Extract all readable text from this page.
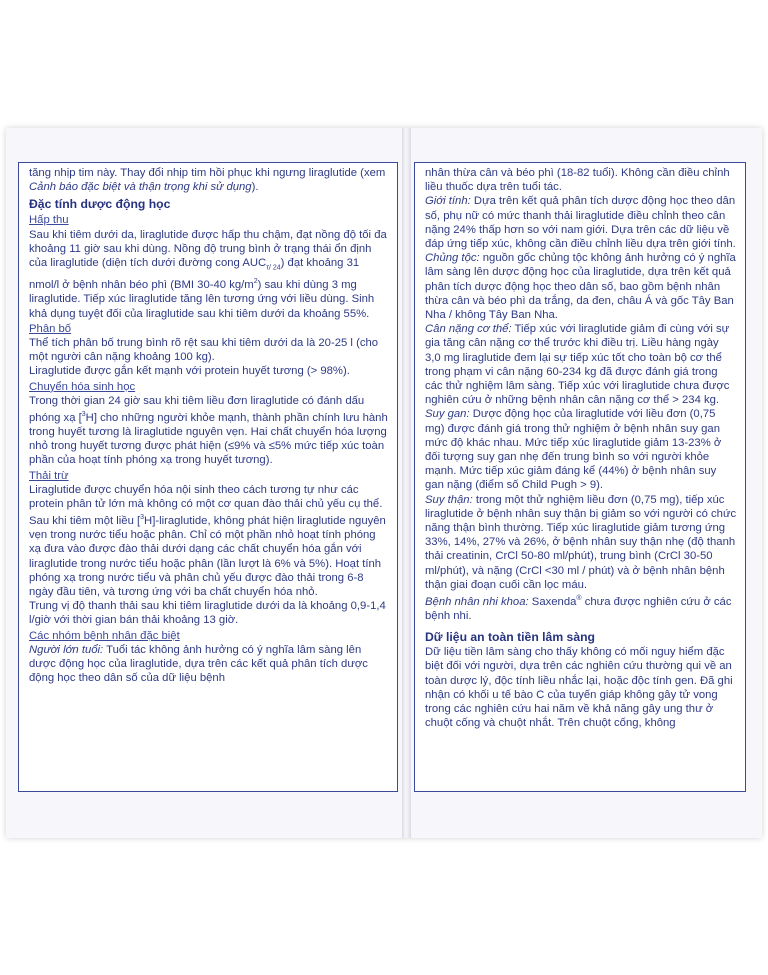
tăng nhịp tim này. Thay đổi nhịp tim hồi phục khi ngưng liraglutide (xem Cảnh báo đặc biệt và thận trọng khi sử dụng).

Đặc tính dược động học

Hấp thu

Sau khi tiêm dưới da, liraglutide được hấp thu chậm, đạt nồng độ tối đa khoảng 11 giờ sau khi dùng. Nồng độ trung bình ở trạng thái ổn định của liraglutide (diện tích dưới đường cong $AUC_{\tau/ 24}$) đạt khoảng 31 nmol/l ở bệnh nhân béo phì (BMI 30-40 $kg/m^2$) sau khi dùng 3 mg liraglutide. Tiếp xúc liraglutide tăng lên tương ứng với liều dùng. Sinh khả dụng tuyệt đối của liraglutide sau khi tiêm dưới da khoảng 55%.

Phân bố

Thể tích phân bố trung bình rõ rệt sau khi tiêm dưới da là 20-25 l (cho một người cân nặng khoảng 100 kg).

Liraglutide được gắn kết mạnh với protein huyết tương (> 98%).

Chuyển hóa sinh học

Trong thời gian 24 giờ sau khi tiêm liều đơn liraglutide có đánh dấu phóng xạ [$^3$H] cho những người khỏe mạnh, thành phần chính lưu hành trong huyết tương là liraglutide nguyên vẹn. Hai chất chuyển hóa lượng nhỏ trong huyết tương được phát hiện (≤9% và ≤5% mức tiếp xúc toàn phần của hoạt tính phóng xạ trong huyết tương).

Thải trừ

Liraglutide được chuyển hóa nội sinh theo cách tương tự như các protein phân tử lớn mà không có một cơ quan đào thải chủ yếu cụ thể. Sau khi tiêm một liều [$^3$H]-liraglutide, không phát hiện liraglutide nguyên vẹn trong nước tiểu hoặc phân. Chỉ có một phần nhỏ hoạt tính phóng xạ đưa vào được đào thải dưới dạng các chất chuyển hóa gắn với liraglutide trong nước tiểu hoặc phân (lần lượt là 6% và 5%). Hoạt tính phóng xạ trong nước tiểu và phân chủ yếu được đào thải trong 6-8 ngày đầu tiên, và tương ứng với ba chất chuyển hóa nhỏ.

Trung vị độ thanh thải sau khi tiêm liraglutide dưới da là khoảng 0,9-1,4 l/giờ với thời gian bán thải khoảng 13 giờ.

Các nhóm bệnh nhân đặc biệt

Người lớn tuổi: Tuổi tác không ảnh hưởng có ý nghĩa lâm sàng lên dược động học của liraglutide, dựa trên các kết quả phân tích dược động học theo dân số của dữ liệu bệnh

nhân thừa cân và béo phì (18-82 tuổi). Không cần điều chỉnh liều thuốc dựa trên tuổi tác.

Giới tính: Dựa trên kết quả phân tích dược động học theo dân số, phụ nữ có mức thanh thải liraglutide điều chỉnh theo cân nặng 24% thấp hơn so với nam giới. Dựa trên các dữ liệu về đáp ứng tiếp xúc, không cần điều chỉnh liều dựa trên giới tính.

Chủng tộc: nguồn gốc chủng tộc không ảnh hưởng có ý nghĩa lâm sàng lên dược động học của liraglutide, dựa trên kết quả phân tích dược động học theo dân số, bao gồm bệnh nhân thừa cân và béo phì da trắng, da đen, châu Á và gốc Tây Ban Nha / không Tây Ban Nha.

Cân nặng cơ thể: Tiếp xúc với liraglutide giảm đi cùng với sự gia tăng cân nặng cơ thể trước khi điều trị. Liều hàng ngày 3,0 mg liraglutide đem lại sự tiếp xúc tốt cho toàn bộ cơ thể trong phạm vi cân nặng 60-234 kg đã được đánh giá trong các thử nghiệm lâm sàng. Tiếp xúc với liraglutide chưa được nghiên cứu ở những bệnh nhân cân nặng cơ thể > 234 kg.

Suy gan: Dược động học của liraglutide với liều đơn (0,75 mg) được đánh giá trong thử nghiệm ở bệnh nhân suy gan mức độ khác nhau. Mức tiếp xúc liraglutide giảm 13-23% ở đối tượng suy gan nhẹ đến trung bình so với người khỏe mạnh. Mức tiếp xúc giảm đáng kể (44%) ở bệnh nhân suy gan nặng (điểm số Child Pugh > 9).

Suy thận: trong một thử nghiệm liều đơn (0,75 mg), tiếp xúc liraglutide ở bệnh nhân suy thận bị giảm so với người có chức năng thận bình thường. Tiếp xúc liraglutide giảm tương ứng 33%, 14%, 27% và 26%, ở bệnh nhân suy thận nhẹ (độ thanh thải creatinin, CrCl 50-80 ml/phút), trung bình (CrCl 30-50 ml/phút), và nặng (CrCl <30 ml / phút) và ở bệnh nhân bệnh thận giai đoạn cuối cần lọc máu.

Bệnh nhân nhi khoa: Saxenda® chưa được nghiên cứu ở các bệnh nhi.

Dữ liệu an toàn tiền lâm sàng

Dữ liệu tiền lâm sàng cho thấy không có mối nguy hiểm đặc biệt đối với người, dựa trên các nghiên cứu thường qui về an toàn dược lý, độc tính liều nhắc lại, hoặc độc tính gen. Đã ghi nhận có khối u tế bào C của tuyến giáp không gây tử vong trong các nghiên cứu hai năm về khả năng gây ung thư ở chuột cống và chuột nhắt. Trên chuột cống, không
